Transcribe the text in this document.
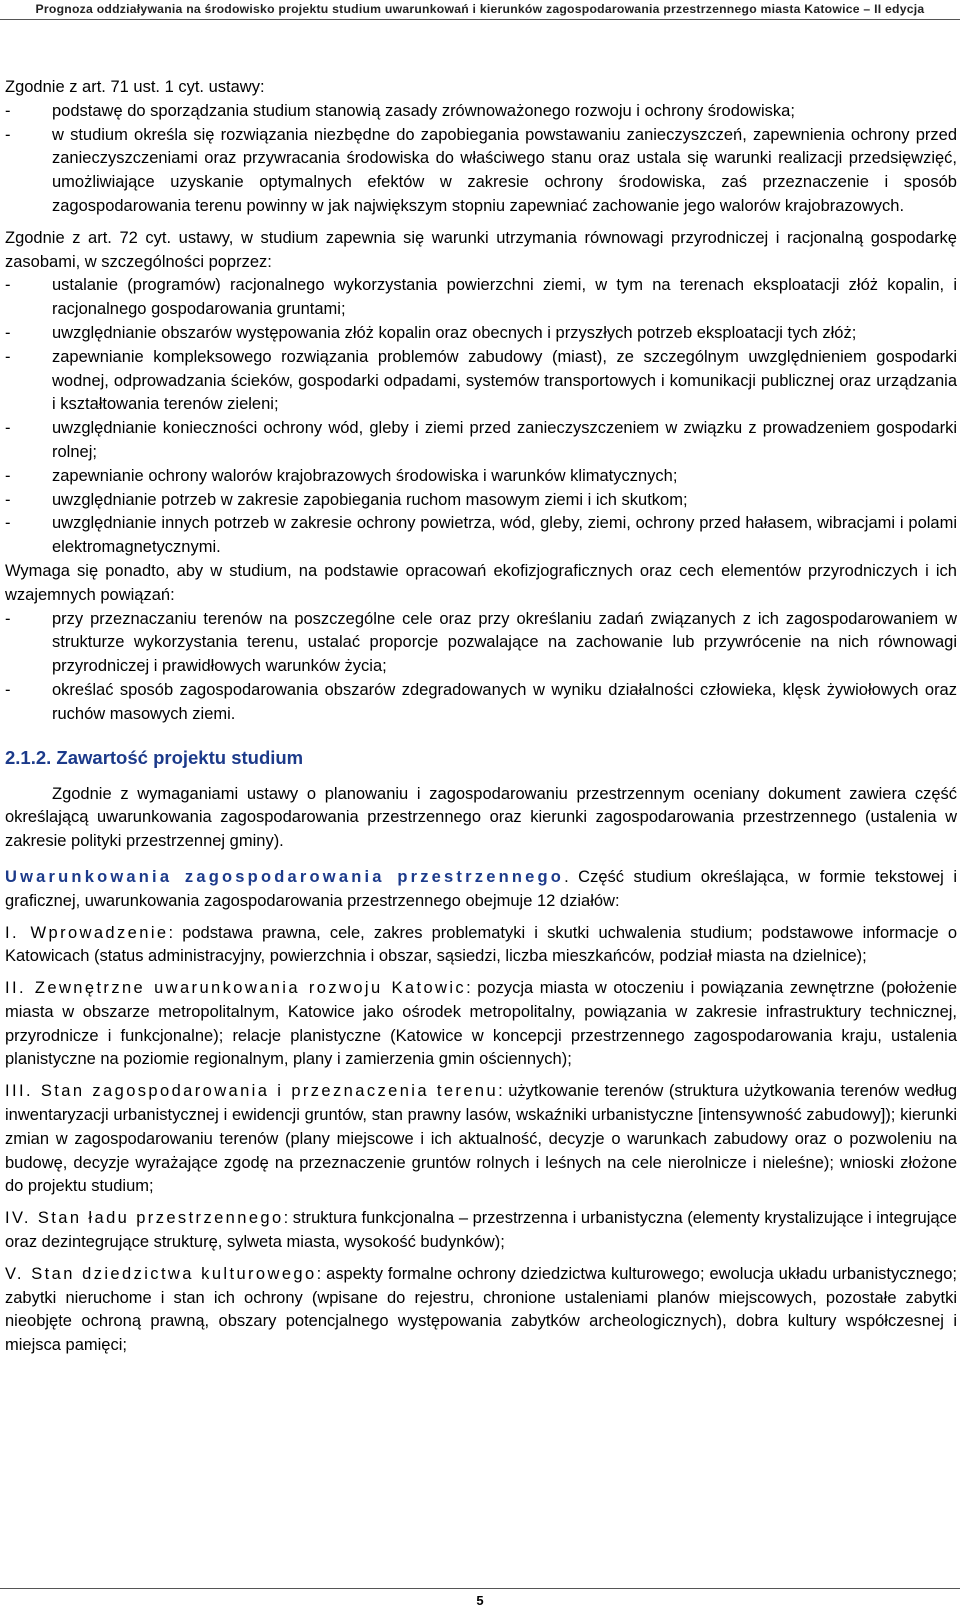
Prognoza oddziaływania na środowisko projektu studium uwarunkowań i kierunków zagospodarowania przestrzennego miasta Katowice – II edycja

Zgodnie z art. 71 ust. 1 cyt. ustawy:

-	podstawę do sporządzania studium stanowią zasady zrównoważonego rozwoju i ochrony środowiska;
-	w studium określa się rozwiązania niezbędne do zapobiegania powstawaniu zanieczyszczeń, zapewnienia ochrony przed zanieczyszczeniami oraz przywracania środowiska do właściwego stanu oraz ustala się warunki realizacji przedsięwzięć, umożliwiające uzyskanie optymalnych efektów w zakresie ochrony środowiska, zaś przeznaczenie i sposób zagospodarowania terenu powinny w jak największym stopniu zapewniać zachowanie jego walorów krajobrazowych.

Zgodnie z art. 72 cyt. ustawy, w studium zapewnia się warunki utrzymania równowagi przyrodniczej i racjonalną gospodarkę zasobami, w szczególności poprzez:

-	ustalanie (programów) racjonalnego wykorzystania powierzchni ziemi, w tym na terenach eksploatacji złóż kopalin, i racjonalnego gospodarowania gruntami;
-	uwzględnianie obszarów występowania złóż kopalin oraz obecnych i przyszłych potrzeb eksploatacji tych złóż;
-	zapewnianie kompleksowego rozwiązania problemów zabudowy (miast), ze szczególnym uwzględnieniem gospodarki wodnej, odprowadzania ścieków, gospodarki odpadami, systemów transportowych i komunikacji publicznej oraz urządzania i kształtowania terenów zieleni;
-	uwzględnianie konieczności ochrony wód, gleby i ziemi przed zanieczyszczeniem w związku z prowadzeniem gospodarki rolnej;
-	zapewnianie ochrony walorów krajobrazowych środowiska i warunków klimatycznych;
-	uwzględnianie potrzeb w zakresie zapobiegania ruchom masowym ziemi i ich skutkom;
-	uwzględnianie innych potrzeb w zakresie ochrony powietrza, wód, gleby, ziemi, ochrony przed hałasem, wibracjami i polami elektromagnetycznymi.

Wymaga się ponadto, aby w studium, na podstawie opracowań ekofizjograficznych oraz cech elementów przyrodniczych i ich wzajemnych powiązań:

-	przy przeznaczaniu terenów na poszczególne cele oraz przy określaniu zadań związanych z ich zagospodarowaniem w strukturze wykorzystania terenu, ustalać proporcje pozwalające na zachowanie lub przywrócenie na nich równowagi przyrodniczej i prawidłowych warunków życia;
-	określać sposób zagospodarowania obszarów zdegradowanych w wyniku działalności człowieka, klęsk żywiołowych oraz ruchów masowych ziemi.
2.1.2. Zawartość projektu studium

Zgodnie z wymaganiami ustawy o planowaniu i zagospodarowaniu przestrzennym oceniany dokument zawiera część określającą uwarunkowania zagospodarowania przestrzennego oraz kierunki zagospodarowania przestrzennego (ustalenia w zakresie polityki przestrzennej gminy).

Uwarunkowania zagospodarowania przestrzennego. Część studium określająca, w formie tekstowej i graficznej, uwarunkowania zagospodarowania przestrzennego obejmuje 12 działów:

I. Wprowadzenie: podstawa prawna, cele, zakres problematyki i skutki uchwalenia studium; podstawowe informacje o Katowicach (status administracyjny, powierzchnia i obszar, sąsiedzi, liczba mieszkańców, podział miasta na dzielnice);

II. Zewnętrzne uwarunkowania rozwoju Katowic: pozycja miasta w otoczeniu i powiązania zewnętrzne (położenie miasta w obszarze metropolitalnym, Katowice jako ośrodek metropolitalny, powiązania w zakresie infrastruktury technicznej, przyrodnicze i funkcjonalne); relacje planistyczne (Katowice w koncepcji przestrzennego zagospodarowania kraju, ustalenia planistyczne na poziomie regionalnym, plany i zamierzenia gmin ościennych);

III. Stan zagospodarowania i przeznaczenia terenu: użytkowanie terenów (struktura użytkowania terenów według inwentaryzacji urbanistycznej i ewidencji gruntów, stan prawny lasów, wskaźniki urbanistyczne [intensywność zabudowy]); kierunki zmian w zagospodarowaniu terenów (plany miejscowe i ich aktualność, decyzje o warunkach zabudowy oraz o pozwoleniu na budowę, decyzje wyrażające zgodę na przeznaczenie gruntów rolnych i leśnych na cele nierolnicze i nieleśne); wnioski złożone do projektu studium;

IV. Stan ładu przestrzennego: struktura funkcjonalna – przestrzenna i urbanistyczna (elementy krystalizujące i integrujące oraz dezintegrujące strukturę, sylweta miasta, wysokość budynków);

V. Stan dziedzictwa kulturowego: aspekty formalne ochrony dziedzictwa kulturowego; ewolucja układu urbanistycznego; zabytki nieruchome i stan ich ochrony (wpisane do rejestru, chronione ustaleniami planów miejscowych, pozostałe zabytki nieobjęte ochroną prawną, obszary potencjalnego występowania zabytków archeologicznych), dobra kultury współczesnej i miejsca pamięci;

5
